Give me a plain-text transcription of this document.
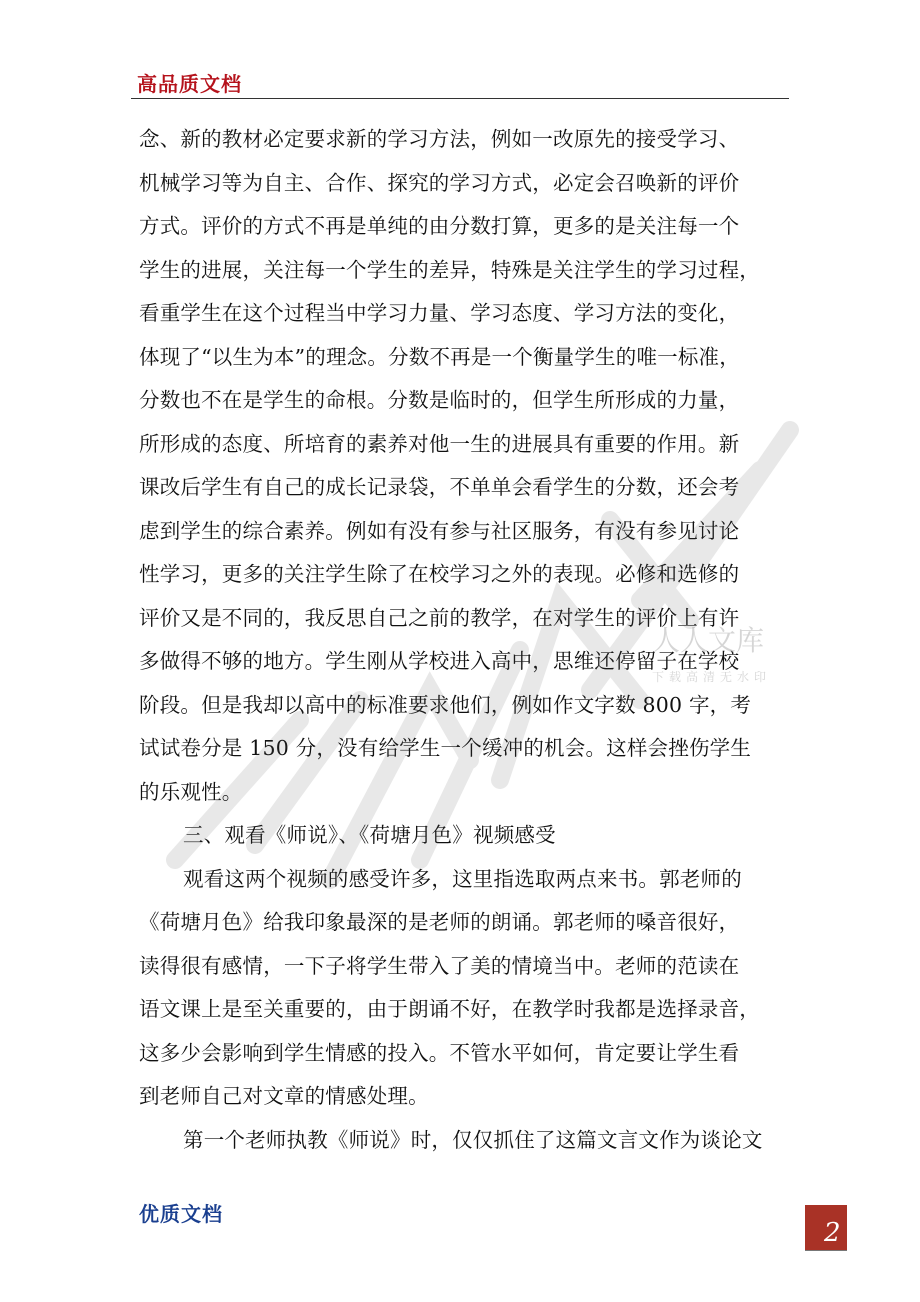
高品质文档
念、新的教材必定要求新的学习方法，例如一改原先的接受学习、
机械学习等为自主、合作、探究的学习方式，必定会召唤新的评价
方式。评价的方式不再是单纯的由分数打算，更多的是关注每一个
学生的进展，关注每一个学生的差异，特殊是关注学生的学习过程，
看重学生在这个过程当中学习力量、学习态度、学习方法的变化，
体现了“以生为本”的理念。分数不再是一个衡量学生的唯一标准，
分数也不在是学生的命根。分数是临时的，但学生所形成的力量，
所形成的态度、所培育的素养对他一生的进展具有重要的作用。新
课改后学生有自己的成长记录袋，不单单会看学生的分数，还会考
虑到学生的综合素养。例如有没有参与社区服务，有没有参见讨论
性学习，更多的关注学生除了在校学习之外的表现。必修和选修的
评价又是不同的，我反思自己之前的教学，在对学生的评价上有许
多做得不够的地方。学生刚从学校进入高中，思维还停留子在学校
阶段。但是我却以高中的标准要求他们，例如作文字数 800 字，考
试试卷分是 150 分，没有给学生一个缓冲的机会。这样会挫伤学生
的乐观性。
三、观看《师说》、《荷塘月色》视频感受
观看这两个视频的感受许多，这里指选取两点来书。郭老师的
《荷塘月色》给我印象最深的是老师的朗诵。郭老师的嗓音很好，
读得很有感情，一下子将学生带入了美的情境当中。老师的范读在
语文课上是至关重要的，由于朗诵不好，在教学时我都是选择录音，
这多少会影响到学生情感的投入。不管水平如何，肯定要让学生看
到老师自己对文章的情感处理。
第一个老师执教《师说》时，仅仅抓住了这篇文言文作为谈论文
人人文库
下载高清无水印
优质文档
2
